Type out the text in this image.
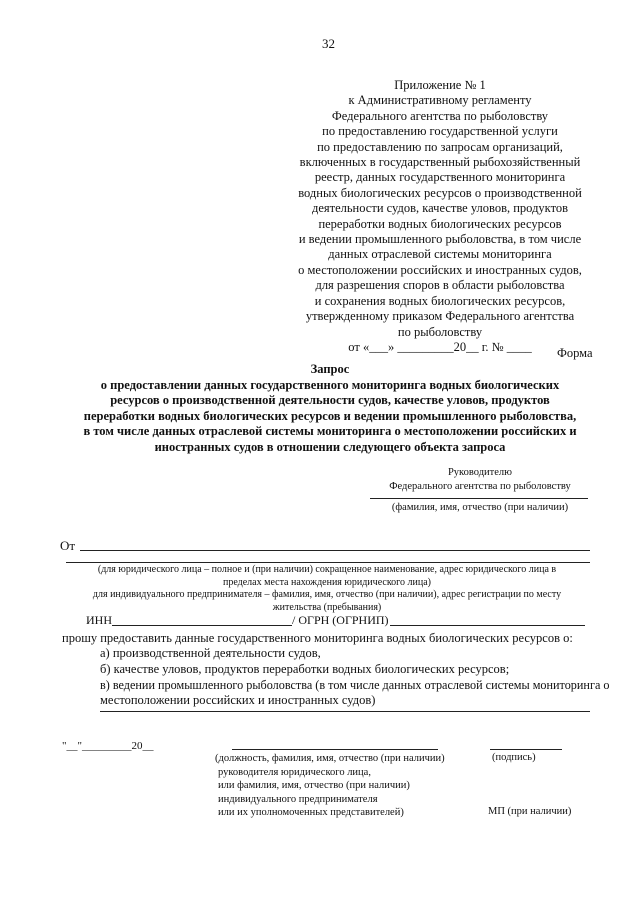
32
Приложение № 1
к Административному регламенту
Федерального агентства по рыболовству
по предоставлению государственной услуги
по предоставлению по запросам организаций,
включенных в государственный рыбохозяйственный
реестр, данных государственного мониторинга
водных биологических ресурсов о производственной
деятельности судов, качестве уловов, продуктов
переработки водных биологических ресурсов
и ведении промышленного рыболовства, в том числе
данных отраслевой системы мониторинга
о местоположении российских и иностранных судов,
для разрешения споров в области рыболовства
и сохранения водных биологических ресурсов,
утвержденному приказом Федерального агентства
по рыболовству
от «___» _________20__ г. № ____	Форма
Запрос
о предоставлении данных государственного мониторинга водных биологических
ресурсов о производственной деятельности судов, качестве уловов, продуктов
переработки водных биологических ресурсов и ведении промышленного рыболовства,
в том числе данных отраслевой системы мониторинга о местоположении российских и
иностранных судов в отношении следующего объекта запроса
Руководителю
Федерального агентства по рыболовству
(фамилия, имя, отчество (при наличии)
От
(для юридического лица – полное и (при наличии) сокращенное наименование, адрес юридического лица в
пределах места нахождения юридического лица)
для индивидуального предпринимателя – фамилия, имя, отчество (при наличии), адрес регистрации по месту
жительства (пребывания)
ИНН	/ ОГРН (ОГРНИП)
прошу предоставить данные государственного мониторинга водных биологических ресурсов о:
а) производственной деятельности судов,
б) качестве уловов, продуктов переработки водных биологических ресурсов;
в) ведении промышленного рыболовства (в том числе данных отраслевой системы мониторинга о
местоположении российских и иностранных судов)
"__"_________20__
(должность, фамилия, имя, отчество (при наличии)
руководителя юридического лица,
или фамилия, имя, отчество (при наличии)
индивидуального предпринимателя
или их уполномоченных представителей)
(подпись)
МП (при наличии)
